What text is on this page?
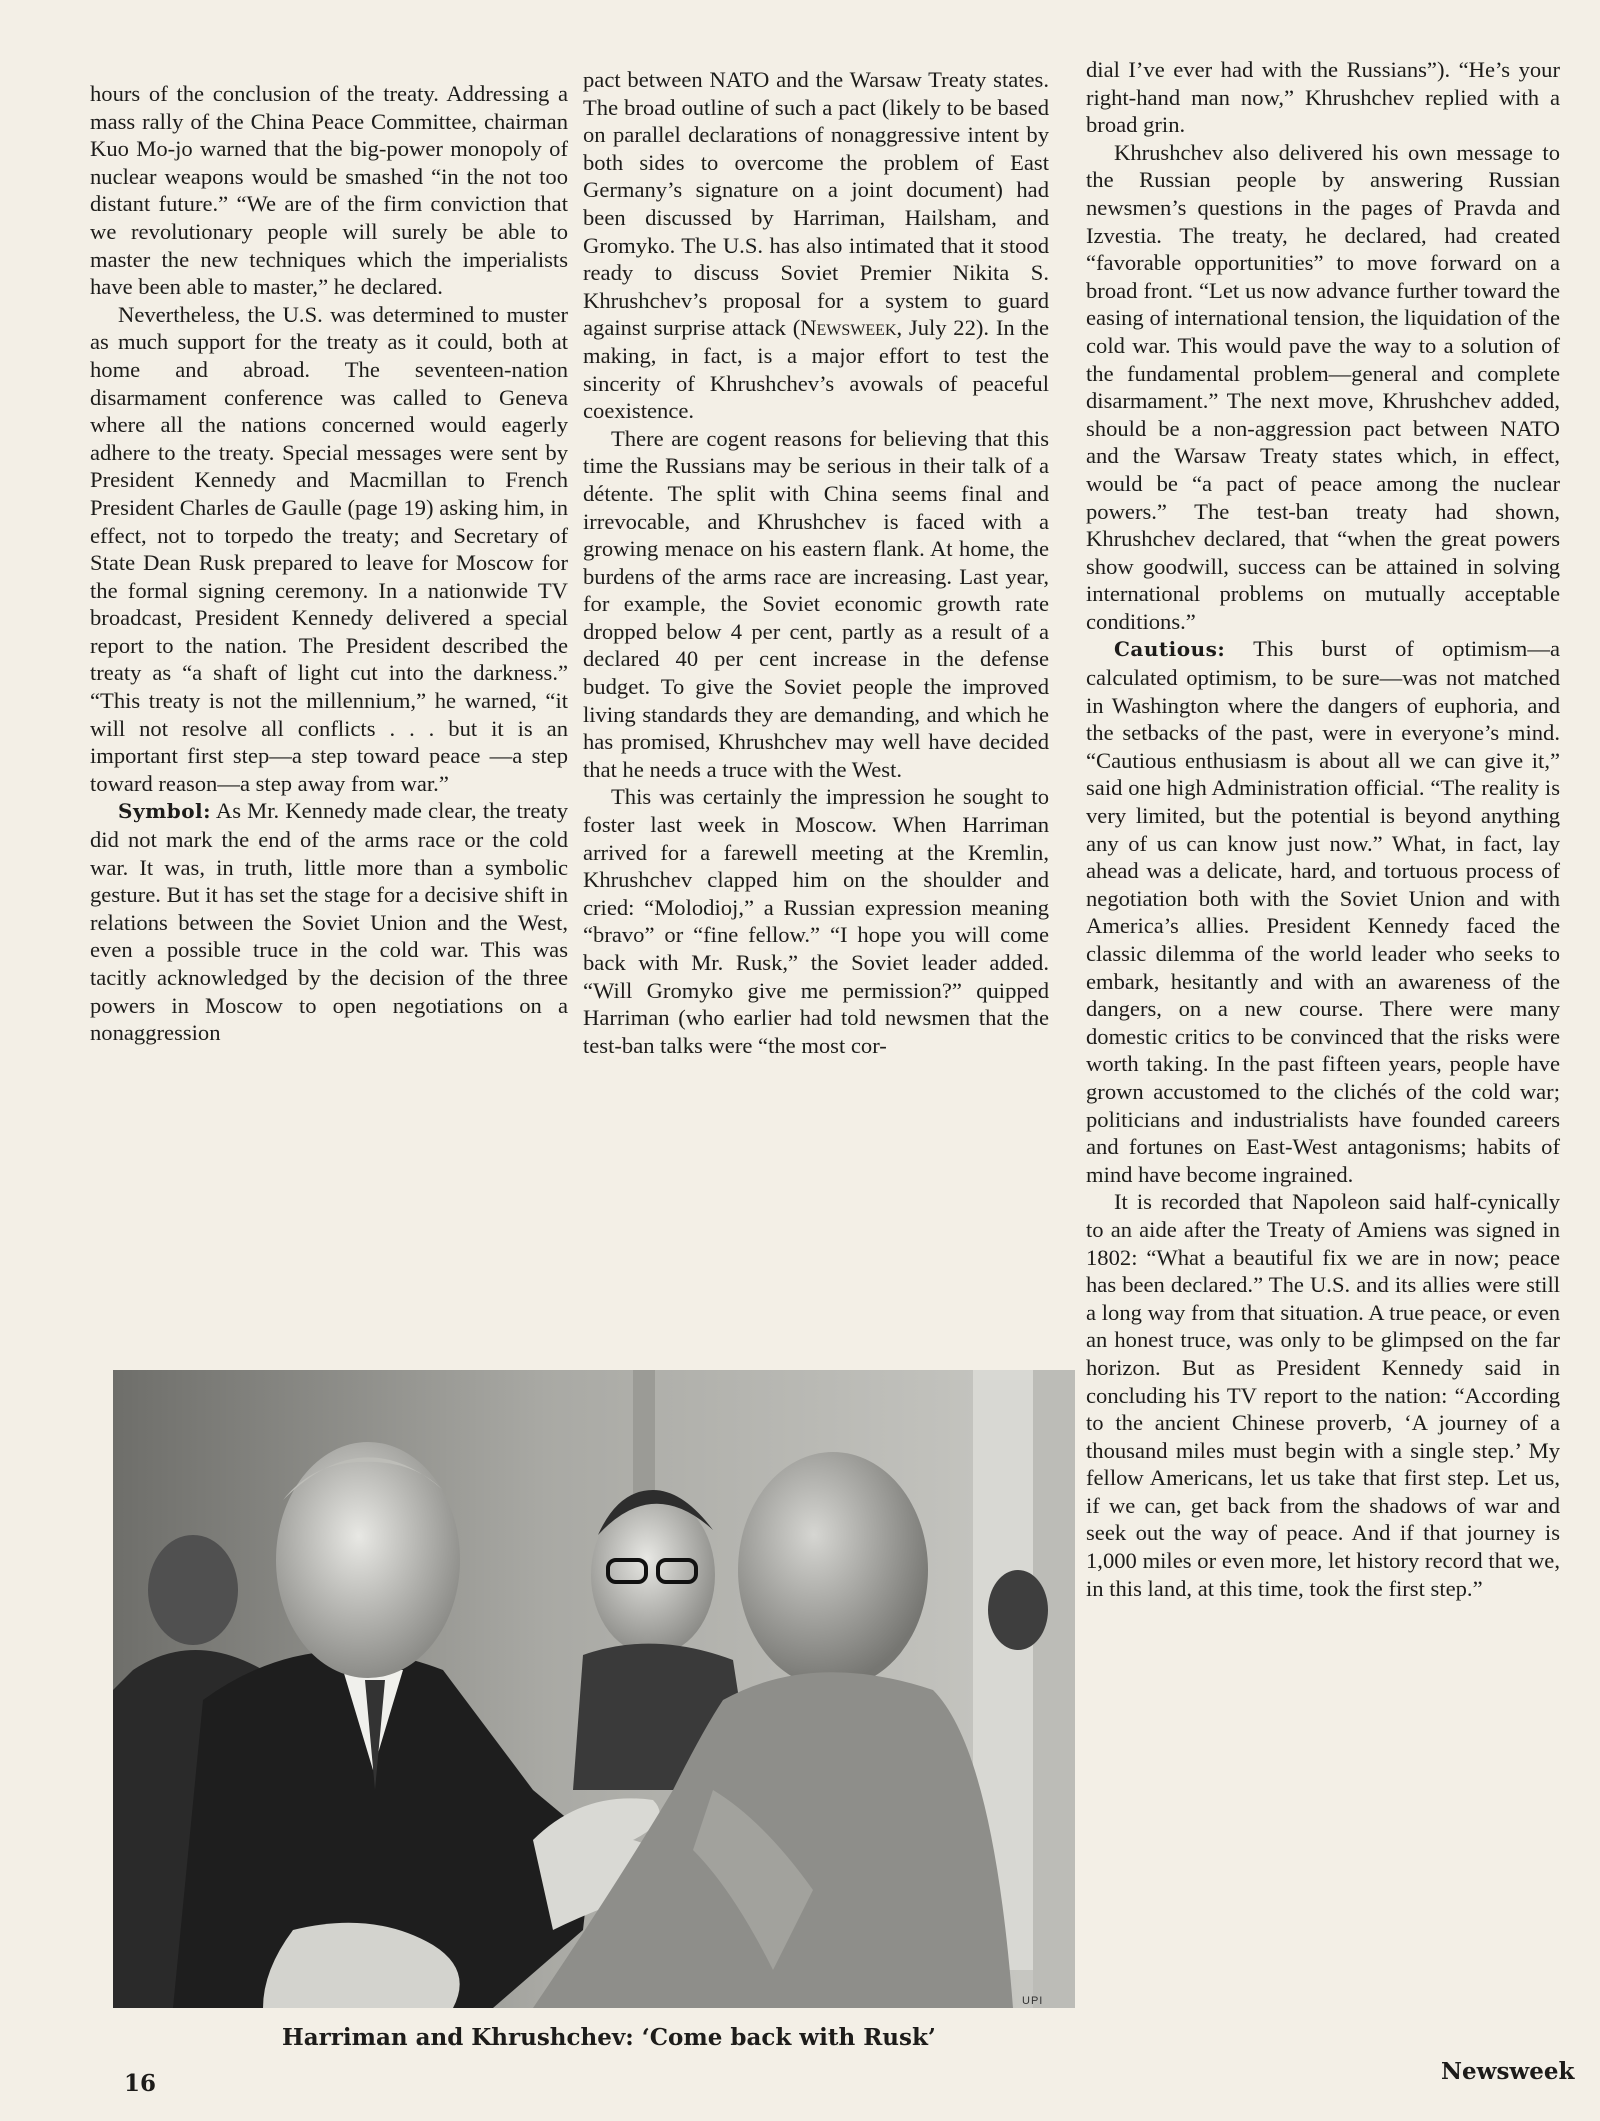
hours of the conclusion of the treaty. Addressing a mass rally of the China Peace Committee, chairman Kuo Mo-jo warned that the big-power monopoly of nuclear weapons would be smashed “in the not too distant future.” “We are of the firm conviction that we revolutionary people will surely be able to master the new techniques which the imperialists have been able to master,” he declared.

Nevertheless, the U.S. was determined to muster as much support for the treaty as it could, both at home and abroad. The seventeen-nation disarmament conference was called to Geneva where all the nations concerned would eagerly adhere to the treaty. Special messages were sent by President Kennedy and Macmillan to French President Charles de Gaulle (page 19) asking him, in effect, not to torpedo the treaty; and Secretary of State Dean Rusk prepared to leave for Moscow for the formal signing ceremony. In a nationwide TV broadcast, President Kennedy delivered a special report to the nation. The President described the treaty as “a shaft of light cut into the darkness.” “This treaty is not the millennium,” he warned, “it will not resolve all conflicts . . . but it is an important first step—a step toward peace —a step toward reason—a step away from war.”

Symbol: As Mr. Kennedy made clear, the treaty did not mark the end of the arms race or the cold war. It was, in truth, little more than a symbolic gesture. But it has set the stage for a decisive shift in relations between the Soviet Union and the West, even a possible truce in the cold war. This was tacitly acknowledged by the decision of the three powers in Moscow to open negotiations on a nonaggression

pact between NATO and the Warsaw Treaty states. The broad outline of such a pact (likely to be based on parallel declarations of nonaggressive intent by both sides to overcome the problem of East Germany’s signature on a joint document) had been discussed by Harriman, Hailsham, and Gromyko. The U.S. has also intimated that it stood ready to discuss Soviet Premier Nikita S. Khrushchev’s proposal for a system to guard against surprise attack (Newsweek, July 22). In the making, in fact, is a major effort to test the sincerity of Khrushchev’s avowals of peaceful coexistence.

There are cogent reasons for believing that this time the Russians may be serious in their talk of a détente. The split with China seems final and irrevocable, and Khrushchev is faced with a growing menace on his eastern flank. At home, the burdens of the arms race are increasing. Last year, for example, the Soviet economic growth rate dropped below 4 per cent, partly as a result of a declared 40 per cent increase in the defense budget. To give the Soviet people the improved living standards they are demanding, and which he has promised, Khrushchev may well have decided that he needs a truce with the West.

This was certainly the impression he sought to foster last week in Moscow. When Harriman arrived for a farewell meeting at the Kremlin, Khrushchev clapped him on the shoulder and cried: “Molodioj,” a Russian expression meaning “bravo” or “fine fellow.” “I hope you will come back with Mr. Rusk,” the Soviet leader added. “Will Gromyko give me permission?” quipped Harriman (who earlier had told newsmen that the test-ban talks were “the most cor-

dial I’ve ever had with the Russians”). “He’s your right-hand man now,” Khrushchev replied with a broad grin.

Khrushchev also delivered his own message to the Russian people by answering Russian newsmen’s questions in the pages of Pravda and Izvestia. The treaty, he declared, had created “favorable opportunities” to move forward on a broad front. “Let us now advance further toward the easing of international tension, the liquidation of the cold war. This would pave the way to a solution of the fundamental problem—general and complete disarmament.” The next move, Khrushchev added, should be a non-aggression pact between NATO and the Warsaw Treaty states which, in effect, would be “a pact of peace among the nuclear powers.” The test-ban treaty had shown, Khrushchev declared, that “when the great powers show goodwill, success can be attained in solving international problems on mutually acceptable conditions.”

Cautious: This burst of optimism—a calculated optimism, to be sure—was not matched in Washington where the dangers of euphoria, and the setbacks of the past, were in everyone’s mind. “Cautious enthusiasm is about all we can give it,” said one high Administration official. “The reality is very limited, but the potential is beyond anything any of us can know just now.” What, in fact, lay ahead was a delicate, hard, and tortuous process of negotiation both with the Soviet Union and with America’s allies. President Kennedy faced the classic dilemma of the world leader who seeks to embark, hesitantly and with an awareness of the dangers, on a new course. There were many domestic critics to be convinced that the risks were worth taking. In the past fifteen years, people have grown accustomed to the clichés of the cold war; politicians and industrialists have founded careers and fortunes on East-West antagonisms; habits of mind have become ingrained.

It is recorded that Napoleon said half-cynically to an aide after the Treaty of Amiens was signed in 1802: “What a beautiful fix we are in now; peace has been declared.” The U.S. and its allies were still a long way from that situation. A true peace, or even an honest truce, was only to be glimpsed on the far horizon. But as President Kennedy said in concluding his TV report to the nation: “According to the ancient Chinese proverb, ‘A journey of a thousand miles must begin with a single step.’ My fellow Americans, let us take that first step. Let us, if we can, get back from the shadows of war and seek out the way of peace. And if that journey is 1,000 miles or even more, let history record that we, in this land, at this time, took the first step.”

UPI
Harriman and Khrushchev: ‘Come back with Rusk’
16	Newsweek
